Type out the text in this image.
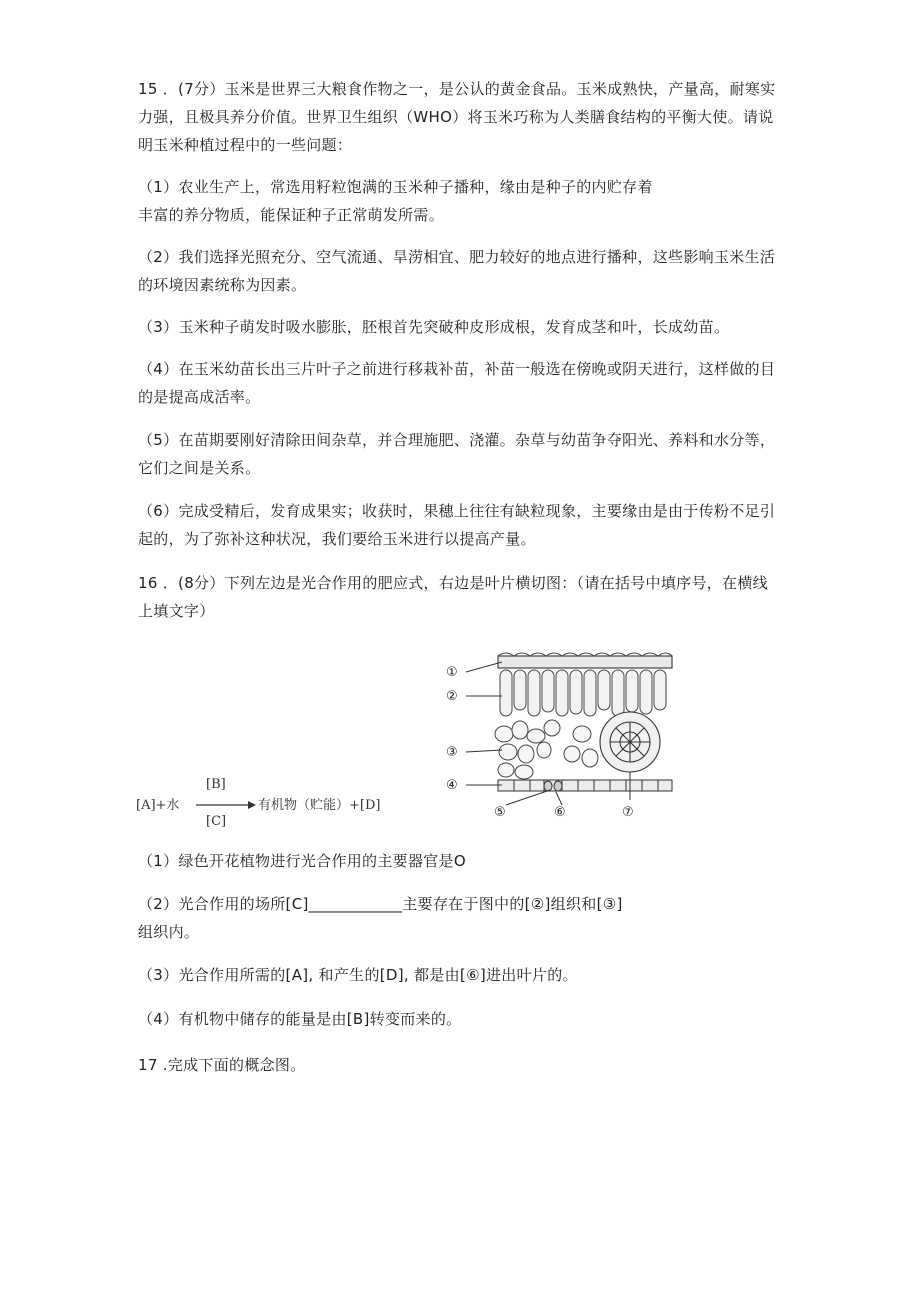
15 ．(7分）玉米是世界三大粮食作物之一，是公认的黄金食品。玉米成熟快，产量高，耐寒实
力强，且极具养分价值。世界卫生组织（WHO）将玉米巧称为人类膳食结构的平衡大使。请说
明玉米种植过程中的一些问题：
（1）农业生产上，常选用籽粒饱满的玉米种子播种，缘由是种子的内贮存着
丰富的养分物质，能保证种子正常萌发所需。
（2）我们选择光照充分、空气流通、旱涝相宜、肥力较好的地点进行播种，这些影响玉米生活
的环境因素统称为因素。
（3）玉米种子萌发时吸水膨胀，胚根首先突破种皮形成根，发育成茎和叶，长成幼苗。
（4）在玉米幼苗长出三片叶子之前进行移栽补苗，补苗一般选在傍晚或阴天进行，这样做的目
的是提高成活率。
（5）在苗期要刚好清除田间杂草，并合理施肥、浇灌。杂草与幼苗争夺阳光、养料和水分等，
它们之间是关系。
（6）完成受精后，发育成果实；收获时，果穗上往往有缺粒现象，主要缘由是由于传粉不足引
起的，为了弥补这种状况，我们要给玉米进行以提高产量。
16 ．(8分）下列左边是光合作用的肥应式，右边是叶片横切图：（请在括号中填序号，在横线
上填文字）
[B]
[A]+水	有机物（贮能）+[D]
[C]
①
②
③
④
⑤	⑥	⑦
（1）绿色开花植物进行光合作用的主要器官是O
（2）光合作用的场所[C]____________主要存在于图中的[②]组织和[③]
组织内。
（3）光合作用所需的[A], 和产生的[D], 都是由[⑥]进出叶片的。
（4）有机物中储存的能量是由[B]转变而来的。
17 .完成下面的概念图。
